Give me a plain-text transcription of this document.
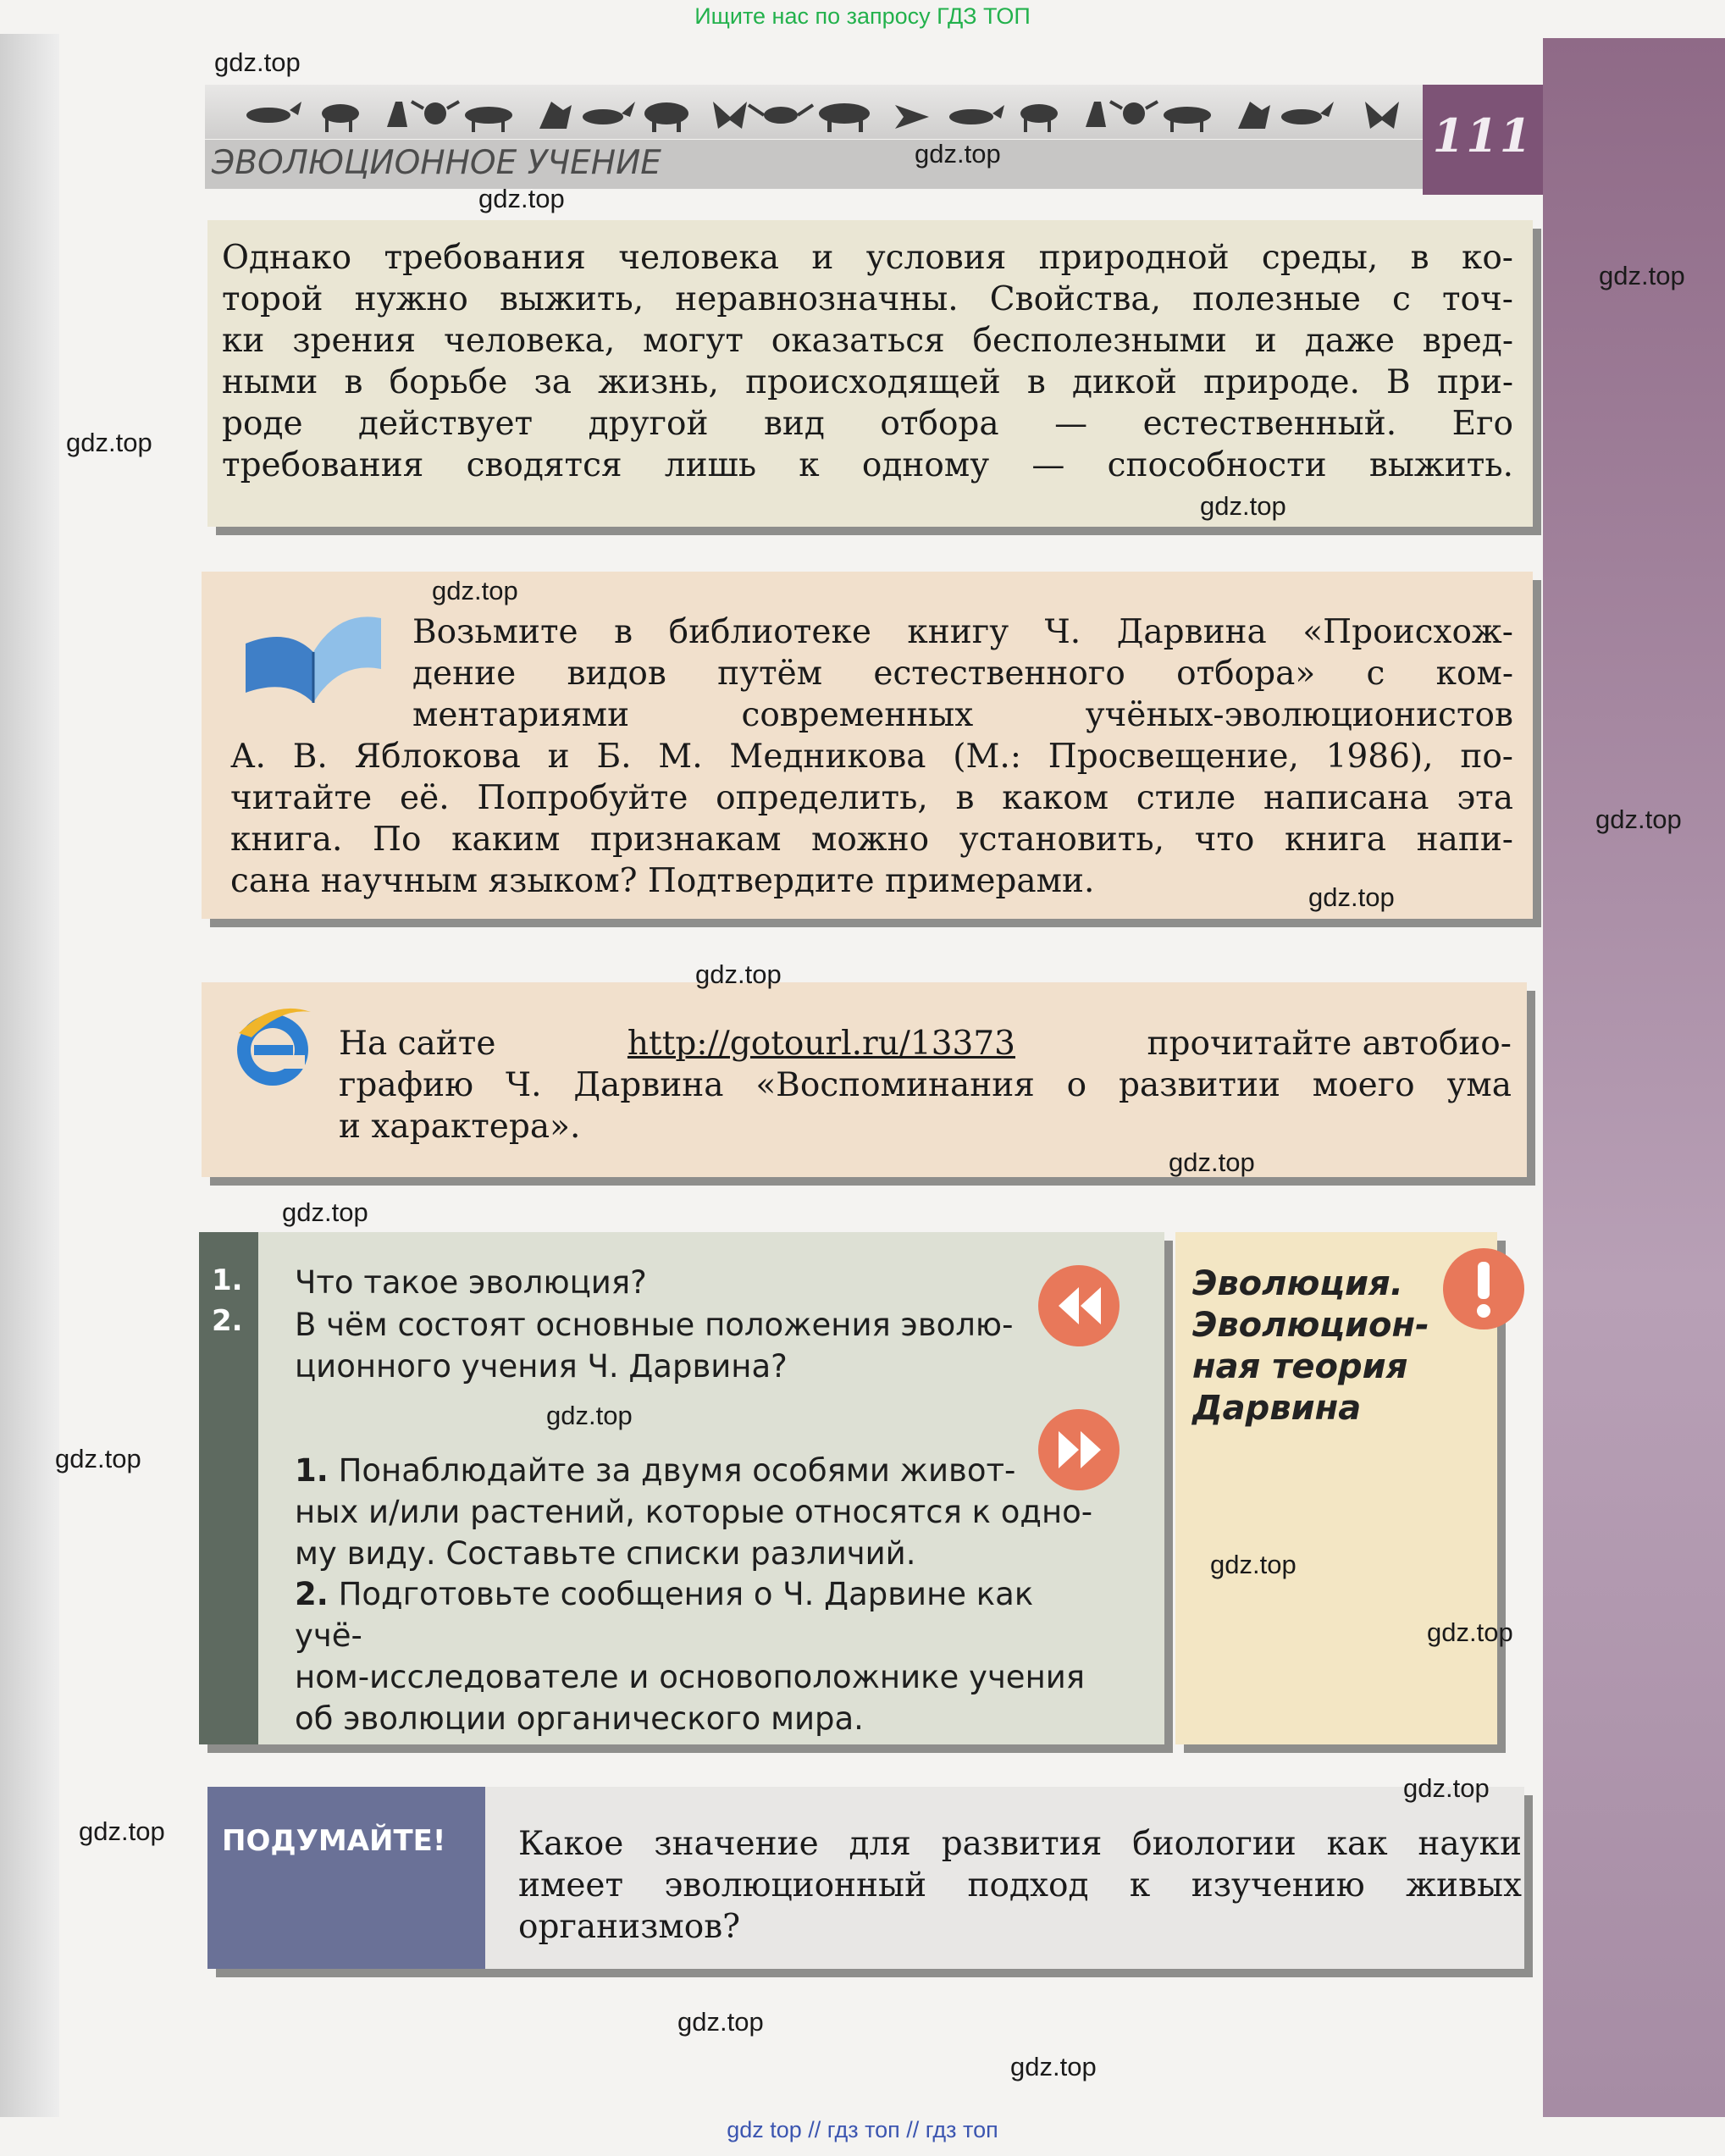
Ищите нас по запросу ГДЗ ТОП
ЭВОЛЮЦИОННОЕ УЧЕНИЕ
111
Однако требования человека и условия природной среды, в ко-
торой нужно выжить, неравнозначны. Свойства, полезные с точ-
ки зрения человека, могут оказаться бесполезными и даже вред-
ными в борьбе за жизнь, происходящей в дикой природе. В при-
роде действует другой вид отбора — естественный. Его
требования сводятся лишь к одному — способности выжить.
Возьмите в библиотеке книгу Ч. Дарвина «Происхож-
дение видов путём естественного отбора» с ком-
ментариями современных учёных-эволюционистов
А. В. Яблокова и Б. М. Медникова (М.: Просвещение, 1986), по-
читайте её. Попробуйте определить, в каком стиле написана эта
книга. По каким признакам можно установить, что книга напи-
сана научным языком? Подтвердите примерами.
На сайте	http://gotourl.ru/13373	прочитайте автобио-
графию Ч. Дарвина «Воспоминания о развитии моего ума
и характера».
1.
2.
Что такое эволюция?
В чём состоят основные положения эволю-
ционного учения Ч. Дарвина?
1. Понаблюдайте за двумя особями живот-
ных и/или растений, которые относятся к одно-
му виду. Составьте списки различий.
2. Подготовьте сообщения о Ч. Дарвине как учё-
ном-исследователе и основоположнике учения
об эволюции органического мира.
Эволюция.
Эволюцион-
ная теория
Дарвина
ПОДУМАЙТЕ! Какое значение для развития биологии как науки
имеет эволюционный подход к изучению живых
организмов?
gdz.top
gdz.top
gdz.top
gdz.top
gdz.top
gdz.top
gdz.top
gdz.top
gdz.top
gdz.top
gdz.top
gdz.top
gdz.top
gdz.top
gdz.top
gdz.top
gdz.top
gdz.top
gdz.top
gdz.top
gdz top // гдз топ // гдз топ
